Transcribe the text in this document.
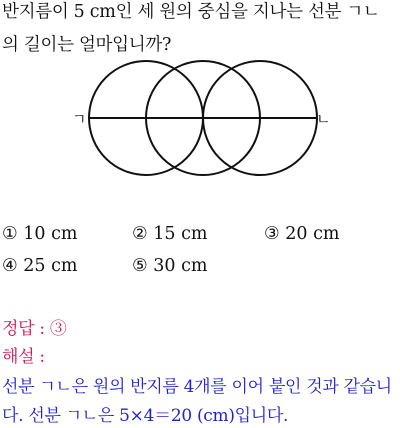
반지름이 5 cm인 세 원의 중심을 지나는 선분 ㄱㄴ
의 길이는 얼마입니까?
ㄱ	ㄴ
① 10 cm	② 15 cm	③ 20 cm
④ 25 cm	⑤ 30 cm
정답 : ③
해설 :
선분 ㄱㄴ은 원의 반지름 4개를 이어 붙인 것과 같습니
다. 선분 ㄱㄴ은 5×4＝20 (cm)입니다.
